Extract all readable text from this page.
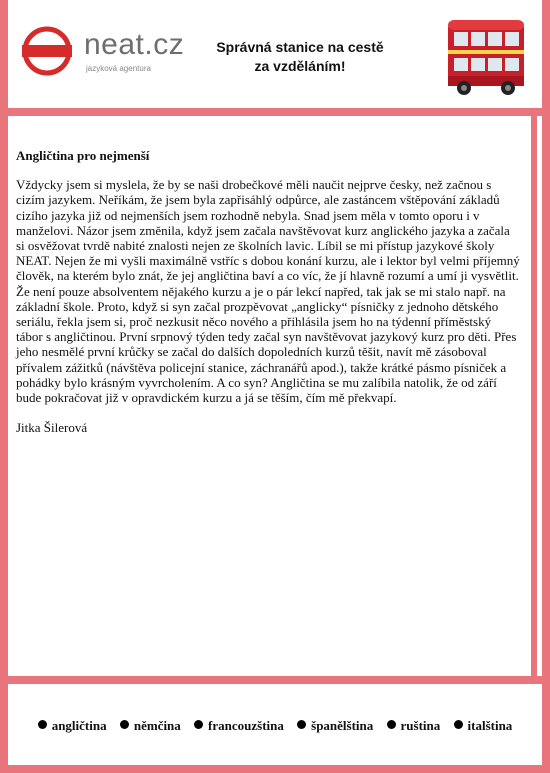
neat.cz
jazyková agentura
Správná stanice na cestě
za vzděláním!

Angličtina pro nejmenší

Vždycky jsem si myslela, že by se naši drobečkové měli naučit nejprve česky, než začnou s cizím jazykem. Neříkám, že jsem byla zapřisáhlý odpůrce, ale zastáncem vštěpování základů cizího jazyka již od nejmenších jsem rozhodně nebyla. Snad jsem měla v tomto oporu i v manželovi. Názor jsem změnila, když jsem začala navštěvovat kurz anglického jazyka a začala si osvěžovat tvrdě nabité znalosti nejen ze školních lavic. Líbil se mi přístup jazykové školy NEAT. Nejen že mi vyšli maximálně vstříc s dobou konání kurzu, ale i lektor byl velmi příjemný člověk, na kterém bylo znát, že jej angličtina baví a co víc, že jí hlavně rozumí a umí ji vysvětlit. Že není pouze absolventem nějakého kurzu a je o pár lekcí napřed, tak jak se mi stalo např. na základní škole. Proto, když si syn začal prozpěvovat „anglicky“ písničky z jednoho dětského seriálu, řekla jsem si, proč nezkusit něco nového a přihlásila jsem ho na týdenní příměstský tábor s angličtinou. První srpnový týden tedy začal syn navštěvovat jazykový kurz pro děti. Přes jeho nesmělé první krůčky se začal do dalších dopoledních kurzů těšit, navít mě zásoboval přívalem zážitků (návštěva policejní stanice, záchranářů apod.), takže krátké pásmo písniček a pohádky bylo krásným vyvrcholením. A co syn? Angličtina se mu zalíbila natolik, že od září bude pokračovat již v opravdickém kurzu a já se těším, čím mě překvapí.

Jitka Šilerová

angličtina němčina francouzština španělština ruština italština
